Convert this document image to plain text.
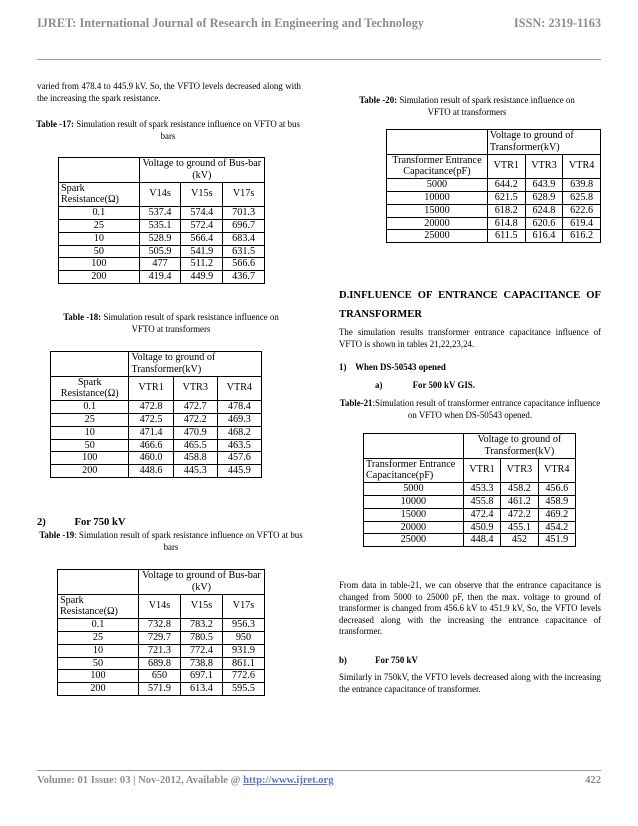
IJRET: International Journal of Research in Engineering and Technology	ISSN: 2319-1163
varied from 478.4 to 445.9 kV. So, the VFTO levels decreased along with the increasing the spark resistance.
Table -17: Simulation result of spark resistance influence on VFTO at bus bars
	Voltage to ground of Bus-bar (kV)		
Spark Resistance(Ω)	V14s	V15s	V17s
0.1	537.4	574.4	701.3
25	535.1	572.4	696.7
10	528.9	566.4	683.4
50	505.9	541.9	631.5
100	477	511.2	566.6
200	419.4	449.9	436.7
Table -18: Simulation result of spark resistance influence on VFTO at transformers
	Voltage to ground of Transformer(kV)		
Spark Resistance(Ω)	VTR1	VTR3	VTR4
0.1	472.8	472.7	478.4
25	472.5	472.2	469.3
10	471.4	470.9	468.2
50	466.6	465.5	463.5
100	460.0	458.8	457.6
200	448.6	445.3	445.9
2)	For 750 kV
Table -19: Simulation result of spark resistance influence on VFTO at bus bars
	Voltage to ground of Bus-bar (kV)		
Spark Resistance(Ω)	V14s	V15s	V17s
0.1	732.8	783.2	956.3
25	729.7	780.5	950
10	721.3	772.4	931.9
50	689.8	738.8	861.1
100	650	697.1	772.6
200	571.9	613.4	595.5
Table -20: Simulation result of spark resistance influence on VFTO at transformers
	Voltage to ground of Transformer(kV)		
Transformer Entrance Capacitance(pF)	VTR1	VTR3	VTR4
5000	644.2	643.9	639.8
10000	621.5	628.9	625.8
15000	618.2	624.8	622.6
20000	614.8	620.6	619.4
25000	611.5	616.4	616.2
D.INFLUENCE OF ENTRANCE CAPACITANCE OF TRANSFORMER
The simulation results transformer entrance capacitance influence of VFTO is shown in tables 21,22,23,24.
1)    When DS-50543 opened
a)	For 500 kV GIS.
Table-21:Simulation result of transformer entrance capacitance influence on VFTO when DS-50543 opened.
	Voltage to ground of Transformer(kV)		
Transformer Entrance Capacitance(pF)	VTR1	VTR3	VTR4
5000	453.3	458.2	456.6
10000	455.8	461.2	458.9
15000	472.4	472.2	469.2
20000	450.9	455.1	454.2
25000	448.4	452	451.9
From data in table-21, we can observe that the entrance capacitance is changed from 5000 to 25000 pF, then the max. voltage to ground of transformer is changed from 456.6 kV to 451.9 kV, So, the VFTO levels decreased along with the increasing the entrance capacitance of transformer.
b)	For 750 kV
Similarly in 750kV, the VFTO levels decreased along with the increasing the entrance capacitance of transformer.
Volume: 01 Issue: 03 | Nov-2012, Available @ http://www.ijret.org	422
